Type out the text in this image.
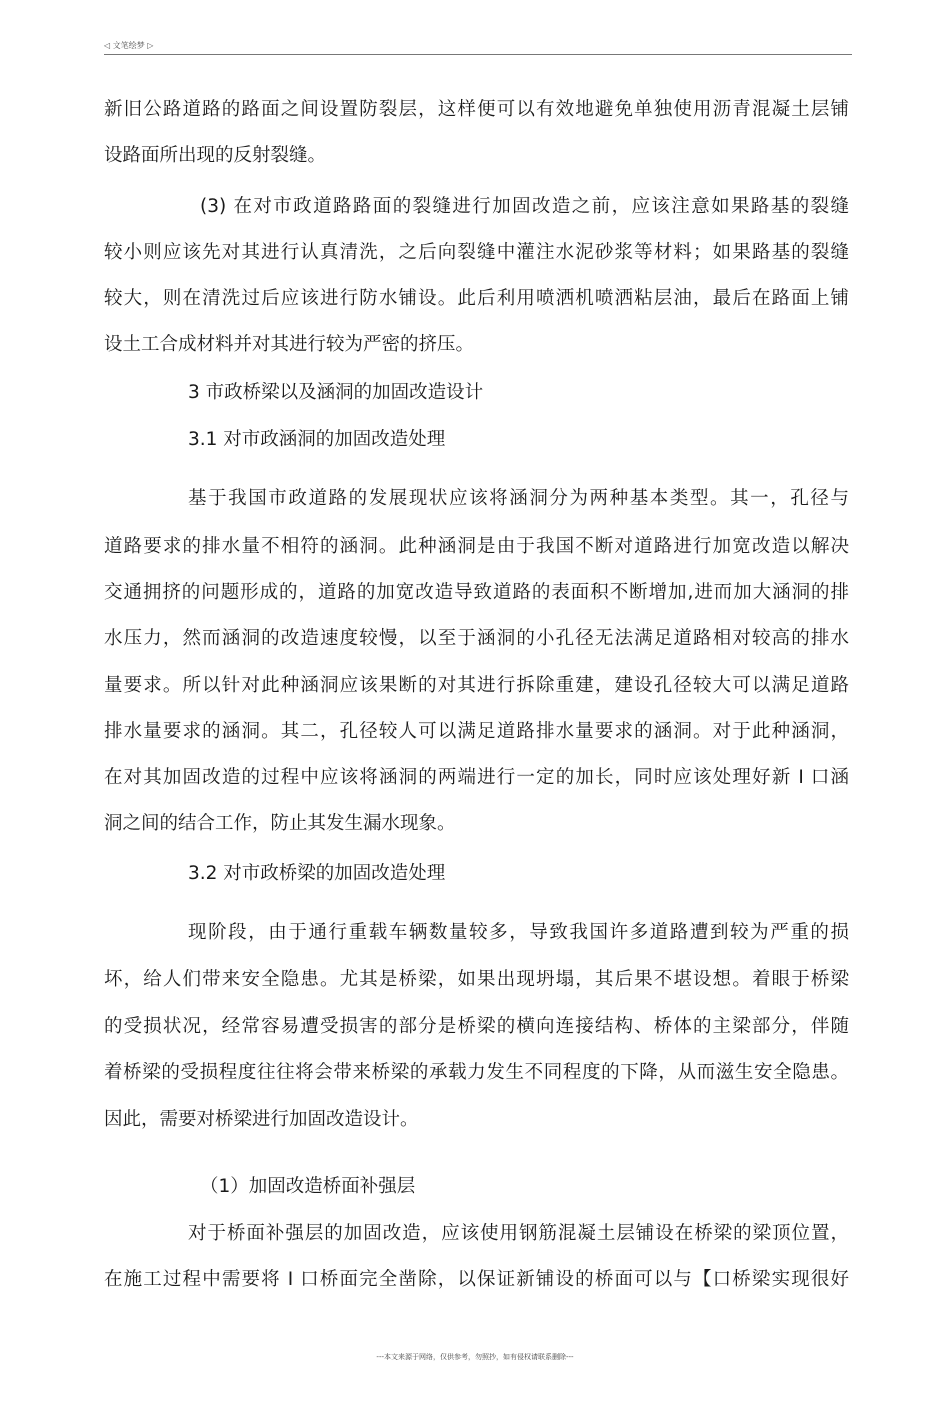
◁ 文笔绘梦 ▷
新旧公路道路的路面之间设置防裂层，这样便可以有效地避免单独使用沥青混凝土层铺
设路面所出现的反射裂缝。
(3) 在对市政道路路面的裂缝进行加固改造之前，应该注意如果路基的裂缝
较小则应该先对其进行认真清洗，之后向裂缝中灌注水泥砂浆等材料；如果路基的裂缝
较大，则在清洗过后应该进行防水铺设。此后利用喷洒机喷洒粘层油，最后在路面上铺
设土工合成材料并对其进行较为严密的挤压。
3 市政桥梁以及涵洞的加固改造设计
3.1 对市政涵洞的加固改造处理
基于我国市政道路的发展现状应该将涵洞分为两种基本类型。其一，孔径与
道路要求的排水量不相符的涵洞。此种涵洞是由于我国不断对道路进行加宽改造以解决
交通拥挤的问题形成的，道路的加宽改造导致道路的表面积不断增加,进而加大涵洞的排
水压力，然而涵洞的改造速度较慢，以至于涵洞的小孔径无法满足道路相对较高的排水
量要求。所以针对此种涵洞应该果断的对其进行拆除重建，建设孔径较大可以满足道路
排水量要求的涵洞。其二，孔径较人可以满足道路排水量要求的涵洞。对于此种涵洞，
在对其加固改造的过程中应该将涵洞的两端进行一定的加长，同时应该处理好新 I 口涵
洞之间的结合工作，防止其发生漏水现象。
3.2 对市政桥梁的加固改造处理
现阶段，由于通行重载车辆数量较多，导致我国许多道路遭到较为严重的损
坏，给人们带来安全隐患。尤其是桥梁，如果出现坍塌，其后果不堪设想。着眼于桥梁
的受损状况，经常容易遭受损害的部分是桥梁的横向连接结构、桥体的主梁部分，伴随
着桥梁的受损程度往往将会带来桥梁的承载力发生不同程度的下降，从而滋生安全隐患。
因此，需要对桥梁进行加固改造设计。
（1）加固改造桥面补强层
对于桥面补强层的加固改造，应该使用钢筋混凝土层铺设在桥梁的梁顶位置，
在施工过程中需要将 I 口桥面完全凿除，以保证新铺设的桥面可以与【口桥梁实现很好
---本文来源于网络，仅供参考，勿照抄，如有侵权请联系删除---
